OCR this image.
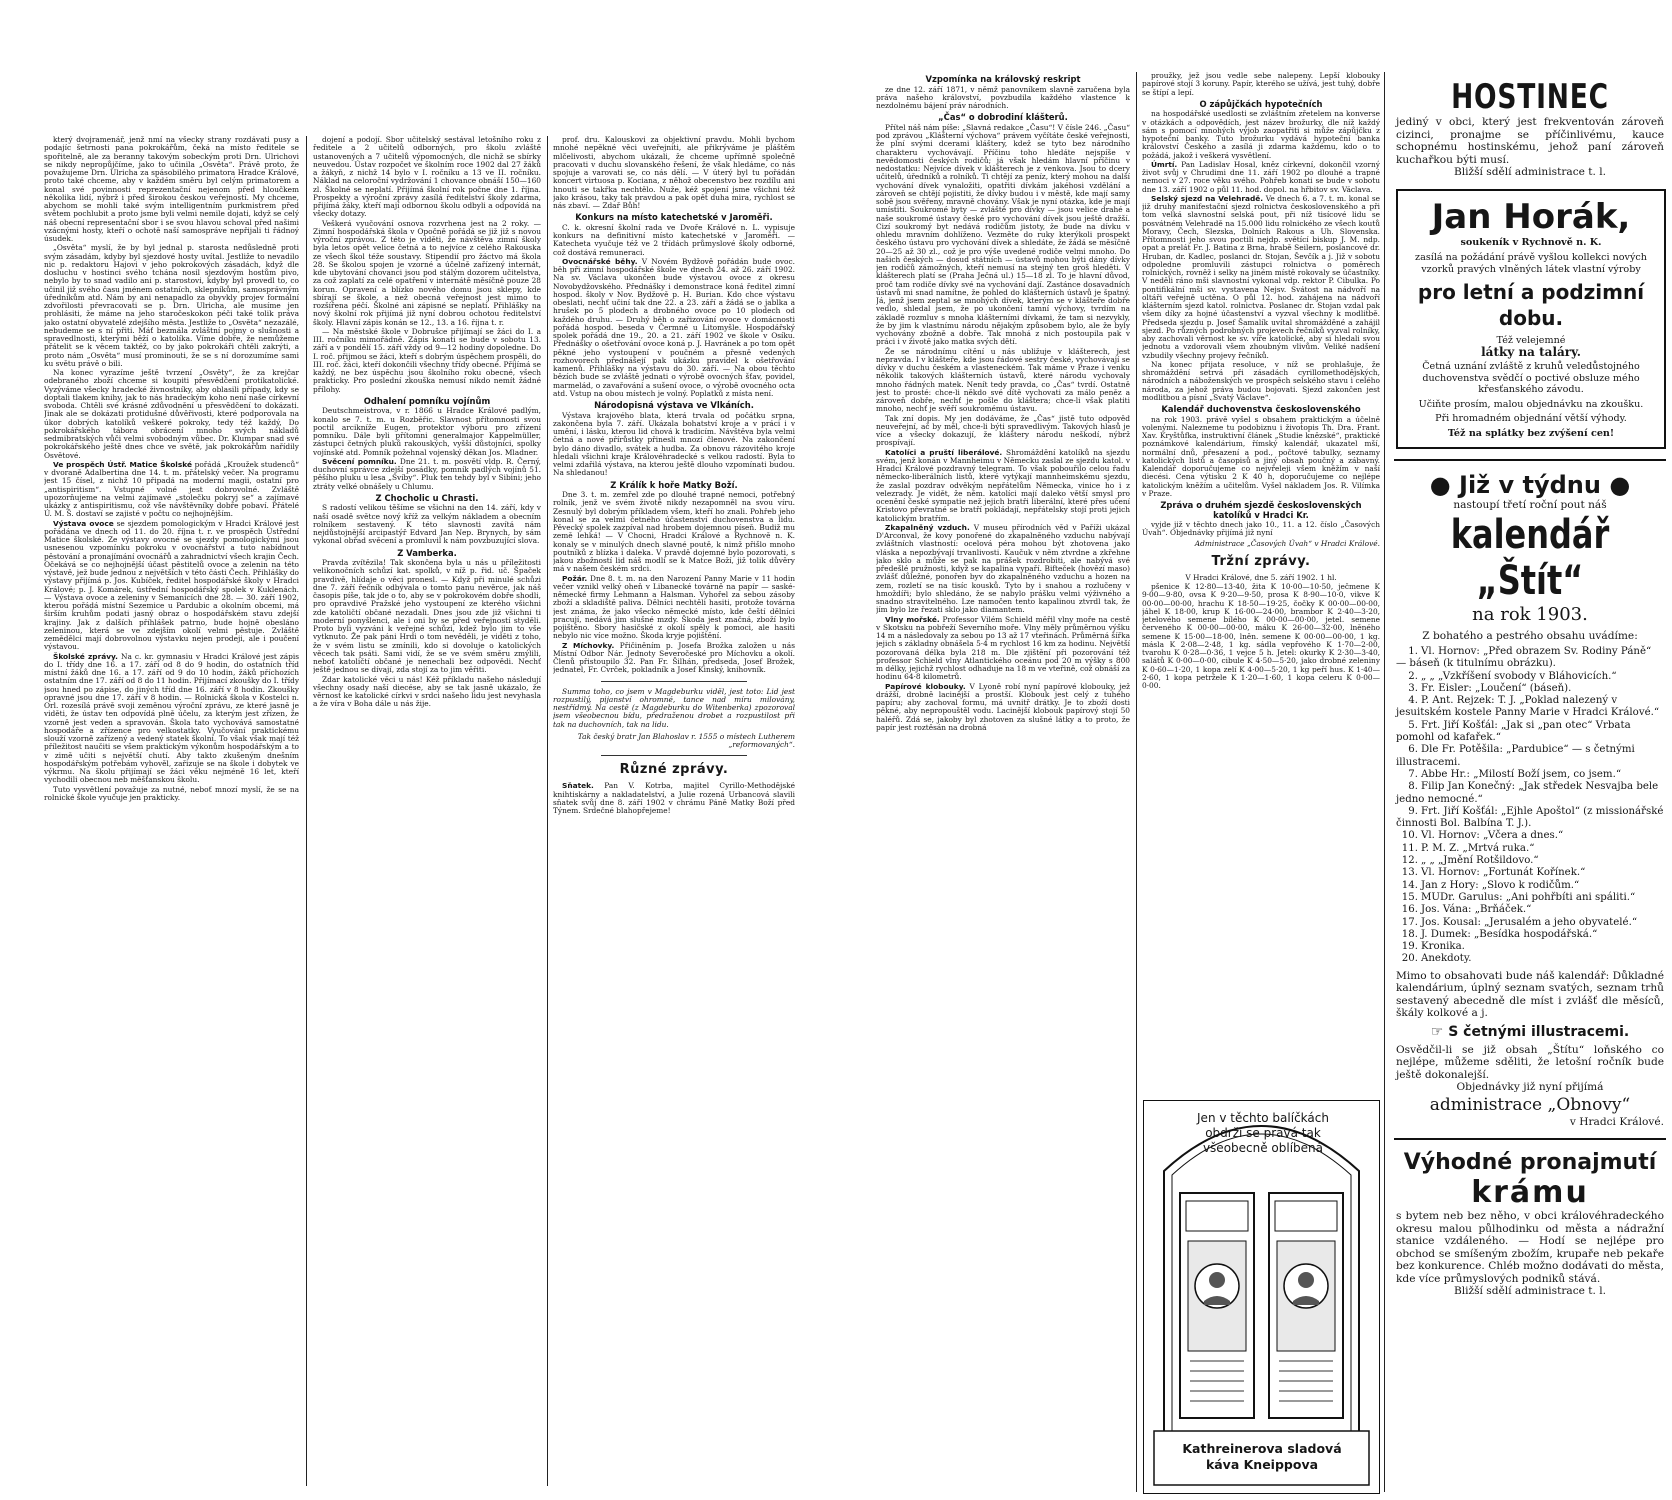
který dvojramenář, jenž nmí na všecky strany rozdávati pusy a podajíc šetrnosti pana pokrokářům, čeká na místo ředitele se spořitelně, ale za beranny takovým sobeckým proti Drn. Ulrichovi se nikdy nepropůjčíme, jako to učinila „Osvěta“. Právě proto, že považujeme Drn. Ulricha za spásobilého primatora Hradce Králové, proto také chceme, aby v každém směru byl celým primatorem a konal své povinnosti reprezentační nejenom před hloučkem několika lidí, nýbrž i před širokou českou veřejností. My chceme, abychom se mohli také svým intelligentním purkmistrem před světem pochlubit a proto jsme byli velmi nemile dojati, když se celý náš obecní representační sbor i se svou hlavou schoval před našimi vzácnými hosty, kteří o ochotě naší samospráve nepřijali ti řádnoý úsudek.

„Osvěta“ myslí, že by byl jednal p. starosta nedůsledně proti svým zásadám, kdyby byl sjezdové hosty uvítal. Jestliže to nevadilo nic p. redaktoru Hajovi v jeho pokrokových zásadách, když dle dosluchu v hostinci svého tchána nosil sjezdovým hostům pivo, nebylo by to snad vadilo ani p. starostovi, kdyby byl provedl to, co učinil již svého času jménem ostatních, sklepníkům, samosprávným úředníkům atd. Nám by ani nenapadlo za obyvkly projev formální zdvořilosti převracovati se p. Drn. Ulricha, ale musíme jen prohlásiti, že máme na jeho staročeskokon péči také tolik práva jako ostatní obyvatelé zdejšího města. Jestliže to „Osvěta“ nezazálé, nebudeme se s ní přiti. Máť bezmála zvláštní pojmy o slušnosti a spravedlnosti, kterými běží o katolíka. Víme dobře, že nemůžeme přátelit se k věcem taktéž, co by jako pokrokáři chtěli zakrýti, a proto nám „Osvěta“ musí prominouti, že se s ní dorozumíme sami ku světu právě o bili.

Na konec vyrazíme ještě tvrzení „Osvěty“, že za krejčar odebraného zboží chceme si koupiti přesvědčení protikatolické. Vyzýváme všecky hradecké živnostníky, aby oblasili případy, kdy se doptali tlakem knihy, jak to nás hradeckým koho není naše církevní svoboda. Chtěli své krásné zdůvodnění u přesvědčení to dokázati. Jinak ale se dokázati protidušné důvěřivosti, které podporovala na úkor dobrých katolíků veškeré pokroky, tedy též každý, Do pokrokářského tábora obrácení mnoho svých nákladů sedmibratských vůči velmi svobodným vůbec. Dr. Klumpar snad své pokrokářského ještě dnes chce ve světě, jak pokrokářům nařídily Osvětové.

Ve prospěch Ústř. Matice Školské pořádá „Kroužek studenců“ v dvoraně Adalbertina dne 14. t. m. přátelský večer. Na programu jest 15 čísel, z nichž 10 připadá na moderní magii, ostatní pro „antispiritism“. Vstupné volné jest dobrovolné. Zvláště upozorňujeme na velmi zajímavé „stolečku pokryj se“ a zajímavé ukázky z antispiritismu, což vše návštěvníky dobře pobaví. Přátelé Ú. M. Š. dostaví se zajisté v počtu co nejhojnějším.

Výstava ovoce se sjezdem pomologickým v Hradci Králové jest pořádána ve dnech od 11. do 20. října t. r. ve prospěch Ústřední Matice školské. Ze výstavy ovocné se sjezdy pomologickými jsou usnesenou vzpomínku pokroku v ovocnářství a tuto nabídnout pěstování a pronajímání ovocnářů a zahradnictví všech krajin Čech. Očekává se co nejhojnější účast pěstitelů ovoce a zelenin na této výstavě, jež bude jednou z největších v této části Čech. Přihlášky do výstavy přijímá p. Jos. Kubíček, ředitel hospodářské školy v Hradci Králové; p. J. Komárek, ústřední hospodářský spolek v Kuklenách. — Výstava ovoce a zeleniny v Semanicích dne 28. — 30. září 1902, kterou pořádá místní Sezemice u Pardubic a okolním obcemi, má širším kruhům podati jasný obraz o hospodářském stavu zdejší krajiny. Jak z dalších příhlášek patrno, bude hojně obesláno zeleninou, která se ve zdejším okolí velmi pěstuje. Zvláště zemědělci mají dobrovolnou výstavku nejen prodeji, ale i poučení výstavou.

Školské zprávy. Na c. kr. gymnasiu v Hradci Králové jest zápis do I. třídy dne 16. a 17. září od 8 do 9 hodin, do ostatních tříd místní žáků dne 16. a 17. září od 9 do 10 hodin, žáků příchozích ostatním dne 17. září od 8 do 11 hodin. Přijímací zkoušky do I. třídy jsou hned po zápise, do jiných tříd dne 16. září v 8 hodin. Zkoušky opravné jsou dne 17. září v 8 hodin. — Rolnická škola v Kostelci n. Orl. rozesílá právě svoji zeměnou výroční zprávu, ze které jasně je viděti, že ústav ten odpovídá plně účelu, za kterým jest zřízen, že vzorně jest veden a spravován. Škola tato vychovává samostatné hospodáře a zřízence pro velkostatky. Vyučování praktickému slouží vzorně zařízený a vedený statek školní. To však však mají též příležitost naučiti se všem praktickým výkonům hospodářským a to v zimě učiti s největší chutí. Aby takto zkušeným dnešním hospodářským potřebám vyhověl, zařizuje se na škole i dobytek ve výkrmu. Na školu přijímají se žáci věku nejméně 16 let, kteří vychodili obecnou neb měšťanskou školu.

Tuto vysvětlení považuje za nutné, neboť mnozí myslí, že se na rolnické škole vyučuje jen prakticky.

dojení a podojí. Sbor učitelský sestával letošního roku z ředitele a 2 učitelů odborných, pro školu zvláště ustanovených a 7 učitelů výpomocných, dle nichž se sbírky neuvedou. Ústav rozpočet ve školním roce 1902 dal 27 žáků a žákyň, z nichž 14 bylo v I. ročníku a 13 ve II. ročníku. Náklad na celoroční vydržování 1 chovance obnáší 150—160 zl. Školné se neplatí. Přijímá školní rok počne dne 1. října. Prospekty a výroční zprávy zasílá ředitelství školy zdarma, přijímá žáky, kteří mají odbornou školu odbyli a odpovídá na všecky dotazy.

Veškerá vyučování osnova rozvrhena jest na 2 roky. — Zimní hospodářská škola v Opočně pořádá se již již s novou výroční zprávou. Z této je viděti, že návštěva zimní školy byla letos opět velice četná a to nejvíce z celého Rakouska ze všech škol téže soustavy. Stipendií pro žáctvo má škola 28. Se školou spojen je vzorné a účelně zařízený internát, kde ubytování chovanci jsou pod stálým dozorem učitelstva, za což zaplatí za celé opatření v internátě měsíčně pouze 28 korun. Opravení a blízko nového domu jsou sklepy, kde sbírají se škole, a než obecná veřejnost jest mimo to rozšířena péčí. Školné ani zápisné se neplatí. Přihlášky na nový školní rok přijímá již nyní dobrou ochotou ředitelství školy. Hlavní zápis konán se 12., 13. a 16. října t. r.

— Na městské škole v Dobrušce přijímají se žáci do I. a III. ročníku mimořádně. Zápis konati se bude v sobotu 13. září a v pondělí 15. září vždy od 9—12 hodiny dopoledne. Do I. roč. přijmou se žáci, kteří s dobrým úspěchem prospěli, do III. roč. žáci, kteří dokončili všechny třídy obecné. Přijímá se každý, ne bez úspěchu jsou školního roku obecné, všech prakticky. Pro poslední zkouška nemusí nikdo nemít žádné přílohy.

Odhalení pomníku vojínům

Deutschmeistrova, v r. 1866 u Hradce Králové padlým, konalo se 7. t. m. u Rozběřic. Slavnost přítomnosti svou poctil arcikníže Eugen, protektor výboru pro zřízení pomníku. Dále byli přítomni generalmajor Kappelmüller, zástupci četných pluků rakouských, vyšší důstojníci, spolky vojínské atd. Pomník požehnal vojenský děkan Jos. Mladner.

Svěcení pomníku. Dne 21. t. m. posvětí vldp. R. Černý, duchovní správce zdejší posádky, pomník padlých vojínů 51. pěšího pluku u lesa „Svíby“. Pluk ten tehdy byl v Sibini; jeho ztráty velké obnášely u Chlumu.

Z Chocholic u Chrasti.

S radostí velikou těšíme se všichni na den 14. září, kdy v naší osadě světce nový kříž za velkým nákladem a obecním rolníkem sestavený. K této slavnosti zavítá nám nejdůstojnější arcipastýř Edvard Jan Nep. Brynych, by sám vykonal obřad svěcení a promluvil k nám povzbuzující slova.

Z Vamberka.

Pravda zvítězila! Tak skončena byla u nás u příležitosti velikonočních schůzí kat. spolků, v níž p. řid. uč. Špaček pravdivě, hlídaje o věci pronesl. — Když při minulé schůzi dne 7. září řečník odbývala o tomto panu nevěrce, jak náš časopis píše, tak jde o to, aby se v pokrokovém dobře shodli, pro opravdivé Pražské jeho vystoupení ze kterého všichni zde katoličtí občané nezadali. Dnes jsou zde již všichni ti moderní ponyšlenci, ale i oni by se před veřejností styděli. Proto byli vyzváni k veřejné schůzi, kdež bylo jim to vše vytknuto. Že pak páni Hrdi o tom nevěděli, je viděti z toho, že v svém listu se zmínili, kdo si dovoluje o katolických věcech tak psáti. Sami vidí, že se ve svém směru zmýlili, neboť katoličtí občané je nenechali bez odpovědi. Nechť ještě jednou se dívají, zda stojí za to jim věřiti.

Zdar katolické věci u nás! Kéž příkladu našeho následují všechny osady naší diecése, aby se tak jasně ukázalo, že věrnost ke katolické církvi v srdci našeho lidu jest nevyhasla a že víra v Boha dále u nás žije.

prof. dru. Kalouskovi za objektivní pravdu. Mohli bychom mnohé nepěkné věci uveřejniti, ale přikrýváme je pláštěm mlčelivosti, abychom ukázali, že chceme upřímně společně pracovati v duchu slovanského řešení, že však hledáme, co nás spojuje a varovati se, co nás dělí. — V úterý byl tu pořádán koncert virtuosa p. Kociana, z něhož obecenstvo bez rozdílu ani hnouti se takřka nechtělo. Nuže, kéž spojení jsme všichni též jako krásou, taky tak pravdou a pak opět duha mira, rychlost se nás zbaví. — Zdař Bůh!

Konkurs na místo katechetské v Jaroměři.

C. k. okresní školní rada ve Dvoře Králové n. L. vypisuje konkurs na definitivní místo katechetské v Jaroměři. — Katecheta vyučuje též ve 2 třídách průmyslové školy odborné, což dostává remuneraci.

Ovocnářské běhy. V Novém Bydžově pořádán bude ovoc. běh při zimní hospodářské škole ve dnech 24. až 26. září 1902. Na sv. Václava ukončen bude výstavou ovoce z okresu Novobydžovského. Přednášky i demonstrace koná ředitel zimní hospod. školy v Nov. Bydžově p. H. Burian. Kdo chce výstavu obeslati, nechť učiní tak dne 22. a 23. září a žádá se o jablka a hrušek po 5 plodech a drobného ovoce po 10 plodech od každého druhu. — Druhý běh o zařizování ovoce v domácnosti pořádá hospod. beseda v Čermné u Litomyšle. Hospodářský spolek pořádá dne 19., 20. a 21. září 1902 ve škole v Osíku. Přednášky o ošetřování ovoce koná p. J. Havránek a po tom opět pěkné jeho vystoupení v poučném a přesně vedených rozhovorech přednášejí pak ukázku pravidel k ošetřování kamenů. Přihlášky na výstavu do 30. září. — Na obou těchto bězích bude se zvláště jednati o výrobě ovocných šťav, povidel, marmelád, o zavařování a sušení ovoce, o výrobě ovocného octa atd. Vstup na obou místech je volný. Poplatků z místa není.

Národopisná výstava ve Vlkáních.

Výstava krajového blata, která trvala od počátku srpna, zakončena byla 7. září. Ukázala bohatství kroje a v práci i v umění, i lásku, kterou lid chová k tradicím. Návštěva byla velmi četná a nové přírůstky přinesli mnozí členové. Na zakončení bylo dáno divadlo, svátek a hudba. Za obnovu rázovitého kroje hledali všichni kraje Královéhradecké s velkou radostí. Byla to velmi zdařilá výstava, na kterou ještě dlouho vzpomínati budou. Na shledanou!

Z Králík k hoře Matky Boží.

Dne 3. t. m. zemřel zde po dlouhé trapné nemoci, potřebný rolník, jenž ve svém životě nikdy nezapomněl na svou víru. Zesnulý byl dobrým příkladem všem, kteří ho znali. Pohřeb jeho konal se za velmi četného účastenství duchovenstva a lidu. Pěvecký spolek zazpíval nad hrobem dojemnou píseň. Budiž mu země lehká! — V Chocni, Hradci Králové a Rychnově n. K. konaly se v minulých dnech slavné poutě, k nimž přišlo mnoho poutníků z blízka i daleka. V pravdě dojemné bylo pozorovati, s jakou zbožností lid náš modlí se k Matce Boží, již tolik důvěry má v našem českém srdci.

Požár. Dne 8. t. m. na den Narození Panny Marie v 11 hodin večer vznikl velký oheň v Libanecké továrně na papír — saské-německé firmy Lehmann a Halsman. Vyhořel za sebou zásoby zboží a skladiště paliva. Dělníci nechtěli hasiti, protože továrna jest známa, že jako všecko německé místo, kde čeští dělníci pracují, nedává jim slušné mzdy. Škoda jest značná, zboží bylo pojištěno. Sbory hasičské z okolí spěly k pomoci, ale hasiti nebylo nic více možno. Škoda kryje pojištění.

Z Míchovky. Přičiněním p. Josefa Brožka založen u nás Místní Odbor Nár. Jednoty Severočeské pro Míchovku a okolí. Členů přistoupilo 32. Pan Fr. Šilhán, předseda, Josef Brožek, jednatel, Fr. Cvrček, pokladník a Josef Kinský, knihovník.

Summa toho, co jsem v Magdeburku viděl, jest toto: Lid jest rozpustilý, pijanství ohromné, tance nad míru milovány, nestřídmý. Na cestě (z Magdeburku do Witenberka) zpozoroval jsem všeobecnou bídu, předraženou drobet a rozpustilost při tak na duchovních, tak na lidu.
Tak český bratr Jan Blahoslav r. 1555 o místech Lutherem „reformovaných“.
Různé zprávy.

Sňatek. Pan V. Kotrba, majitel Cyrillo-Methodějské knihtiskárny a nakladatelství, a Julie rozená Urbancová slavili sňatek svůj dne 8. září 1902 v chrámu Páně Matky Boží před Týnem. Srdečné blahopřejeme!

Vzpomínka na královský reskript

ze dne 12. září 1871, v němž panovníkem slavně zaručena byla práva našeho království, povzbudila každého vlastence k nezdolnému bájení práv národních.

„Čas“ o dobrodiní klášterů.

Přítel náš nám píše: „Slavná redakce „Času“! V čísle 246. „Času“ pod zprávou „Klášterní výchova“ právem vyčítáte české veřejnosti, že plní svými dcerami kláštery, kdež se tyto bez národního charakteru vychovávají. Příčinu toho hledáte nejspíše v nevědomosti českých rodičů; já však hledám hlavní příčinu v nedostatku: Nejvíce dívek v klášterech je z venkova. Jsou to dcery učitelů, úředníků a rolníků. Ti chtějí za peníz, který mohou na další vychování dívek vynaložiti, opatřiti dívkám jakéhosi vzdělání a zároveň se chtějí pojistiti, že dívky budou i v městě, kde mají samy sobě jsou svěřeny, mravně chovány. Však je nyní otázka, kde je mají umístiti. Soukromé byty — zvláště pro dívky — jsou velice drahé a naše soukromé ústavy české pro vychování dívek jsou ještě dražší. Cizí soukromý byt nedává rodičům jistoty, že bude na dívku v ohledu mravním dohlíženo. Vezměte do ruky kterýkoli prospekt českého ústavu pro vychování dívek a shledáte, že žádá se měsíčně 20—25 až 30 zl., což je pro výše uvedené rodiče velmi mnoho. Do našich českých — dosud státních — ústavů mohou býti dány dívky jen rodičů zámožných, kteří nemusí na stejný ten groš hleděti. V klášterech platí se (Praha Ječná ul.) 15—18 zl. To je hlavní důvod, proč tam rodiče dívky své na vychování dají. Zastánce dosavadních ústavů mi snad namítne, že pohled do klášterních ústavů je špatný. Já, jenž jsem zeptal se mnohých dívek, kterým se v klášteře dobře vedlo, shledal jsem, že po ukončení tamní výchovy, tvrdím na základě rozmluv s mnoha klášterními dívkami, že tam si nezvykly, že by jim k vlastnímu národu nějakým způsobem bylo, ale že byly vychovány zbožně a dobře. Tak mnohá z nich postoupila pak v práci i v životě jako matka svých dětí.

Že se národnímu cítění u nás ubližuje v klášterech, jest nepravda. I v klášteře, kde jsou řádové sestry české, vychovávají se dívky v duchu českém a vlasteneckém. Tak máme v Praze i venku několik takových klášterních ústavů, které národu vychovaly mnoho řádných matek. Nenít tedy pravda, co „Čas“ tvrdí. Ostatně jest to prosté: chce-li někdo své dítě vychovati za málo peněz a zároveň dobře, nechť je pošle do kláštera; chce-li však platiti mnoho, nechť je svěří soukromému ústavu.

Tak zní dopis. My jen dodáváme, že „Čas“ jistě tuto odpověď neuveřejní, ač by měl, chce-li býti spravedlivým. Takových hlasů je více a všecky dokazují, že kláštery národu neškodí, nýbrž prospívají.

Katolíci a pruští liberálové. Shromáždění katolíků na sjezdu svém, jenž konán v Mannheimu v Německu zaslal ze sjezdu katol. v Hradci Králové pozdravný telegram. To však pobouřilo celou řadu německo-liberálních listů, které vytýkají mannheimskému sjezdu, že zaslal pozdrav odvěkým nepřátelům Německa, vinice ho i z velezrady. Je vidět, že něm. katolíci mají daleko větší smysl pro ocenění české sympatie než jejich bratři liberální, které přes učení Kristovo převratné se bratří pokládají, nepřátelsky stojí proti jejich katolickým bratřím.

Zkapalněný vzduch. V museu přírodních věd v Paříži ukázal D'Arconval, že kovy ponořené do zkapalněného vzduchu nabývají zvláštních vlastností: ocelová péra mohou být zhotovena jako vláska a nepozbývají trvanlivosti. Kaučuk v něm ztvrdne a zkřehne jako sklo a může se pak na prášek rozdrobiti, ale nabývá své předešlé pružnosti, když se kapalina vypaří. Bifteček (hovězí maso) zvlášť důležné, ponořen byv do zkapalněného vzduchu a hozen na zem, rozletí se na tisíc kousků. Tyto by i snahou a rozlučeny v hmoždíři; bylo shledáno, že se nabylo prášku velmi výživného a snadno stravitelného. Lze namočen tento kapalinou ztvrdl tak, že jím bylo lze řezati sklo jako diamantem.

Vlny mořské. Professor Vilém Schield měřil vlny moře na cestě v Skotsku na pobřeží Severního moře. Vlny měly průměrnou výšku 14 m a následovaly za sebou po 13 až 17 vteřinách. Průměrná šířka jejich s základny obnášela 5·4 m rychlost 16 km za hodinu. Největší pozorovaná délka byla 218 m. Dle zjištění při pozorování též professor Schield vlny Atlantického oceánu pod 20 m výšky s 800 m délky, jejichž rychlost odhaduje na 18 m ve vteřině, což obnáší za hodinu 64·8 kilometrů.

Papírové klobouky. V Lyoně robí nyní papírové klobouky, jež drážší, drobně lacinější a prostší. Klobouk jest celý z tuhého papíru; aby zachoval formu, má uvnitř drátky. Je to zboží dosti pěkné, aby nepropouštěl vodu. Lacinější klobouk papírový stojí 50 haléřů. Zdá se, jakoby byl zhotoven za slušné látky a to proto, že papír jest roztěsán na drobná

proužky, jež jsou vedle sebe nalepeny. Lepší klobouky papírové stojí 3 koruny. Papír, kterého se užívá, jest tuhý, dobře se štípí a lepí.

O zápůjčkách hypotečních

na hospodářské usedlosti se zvláštním zřetelem na konverse v otázkách a odpovědích, jest název brožurky, dle níž každý sám s pomocí mnohých výjob zaopatřiti si může zápůjčku z hypoteční banky. Tuto brožurku vydává hypoteční banka království Českého a zasílá ji zdarma každému, kdo o to požádá, jakož i veškerá vysvětlení.

Úmrtí. Pan Ladislav Hosal, kněz církevní, dokončil vzorný život svůj v Chrudimi dne 11. září 1902 po dlouhé a trapné nemoci v 27. roce věku svého. Pohřeb konati se bude v sobotu dne 13. září 1902 o půl 11. hod. dopol. na hřbitov sv. Václava.

Selský sjezd na Velehradě. Ve dnech 6. a 7. t. m. konal se již druhý manifestační sjezd rolnictva československého a při tom velká slavnostní selská pout, při níž tisícové lidu se posvátném Velehradě na 15.000 lidu rolnického ze všech koutů Moravy, Čech, Slezska, Dolních Rakous a Uh. Slovenska. Přítomnosti jeho svou poctili nejdp. světící biskup J. M. ndp. opat a prelát Fr. J. Batina z Brna, hrabě Seilern, poslancové dr. Hruban, dr. Kadlec, poslanci dr. Stojan, Ševčík a j. Již v sobotu odpoledne promluvili zástupci rolnictva o poměrech rolnických, rovněž i selky na jiném místě rokovaly se účastníky. V neděli ráno mši slavnostní vykonal vdp. rektor P. Cibulka. Po pontifikální mši sv. vystavena Nejsv. Svátost na nádvoří na oltáři veřejně uctěna. O půl 12. hod. zahájena na nádvoří klášterním sjezd katol. rolnictva. Poslanec dr. Stojan vzdal pak všem díky za hojné účastenství a vyzval všechny k modlitbě. Předseda sjezdu p. Josef Šamalík uvítal shromážděné a zahájil sjezd. Po různých podrobných projevech řečníků vyzval rolníky, aby zachovali věrnost ke sv. víře katolické, aby si hledali svou jednotu a vzdorovali všem zhoubným vlivům. Veliké nadšení vzbudily všechny projevy řečníků.

Na konec přijata resoluce, v níž se prohlašuje, že shromáždění setrvá při zásadách cyrillomethodějských, národních a náboženských ve prospěch selského stavu i celého národa, za jehož práva budou bojovati. Sjezd zakončen jest modlitbou a písní „Svatý Václave“.

Kalendář duchovenstva československého

na rok 1903. právě vyšel s obsahem praktickým a účelně volenými. Nalezneme tu podobiznu i životopis Th. Dra. Frant. Xav. Kryštůfka, instruktivní článek „Studie knězské“, praktické poznámkové kalendárium, římský kalendář, ukazatel mší, normální dnů, přesazení a pod., počtové tabulky, seznamy katolických listů a časopisů a jiný obsah poučný a zábavný. Kalendář doporučujeme co nejvřeleji všem kněžím v naší diecési. Cena výtisku 2 K 40 h, doporučujeme co nejlépe katolickým kněžím a učitelům. Vyšel nákladem Jos. R. Vilímka v Praze.

Zpráva o druhém sjezdě československých katolíků v Hradci Kr.

vyjde již v těchto dnech jako 10., 11. a 12. číslo „Časových Úvah“. Objednávky přijímá již nyní

Administrace „Časových Úvah“ v Hradci Králové.
Tržní zprávy.

V Hradci Králové, dne 5. září 1902. 1 hl.

pšenice K 12·80—13·40, žita K 10·00—10·50, ječmene K 9·00—9·80, ovsa K 9·20—9·50, prosa K 8·90—10·0, vikve K 00·00—00·00, hrachu K 18·50—19·25, čočky K 00·00—00·00, jáhel K 18·00, krup K 16·00—24·00, brambor K 2·40—3·20, jetelového semene bílého K 00·00—00·00, jetel. semene červeného K 00·00—00·00, máku K 26·00—32·00, lněného semene K 15·00—18·00, lněn. semene K 00·00—00·00, 1 kg. másla K 2·08—2·48, 1 kg. sádla vepřového K 1·70—2·00, tvarohu K 0·28—0·36, 1 vejce 5 h. Jetel: okurky K 2·30—3·40, salátů K 0·00—0·00, cibule K 4·50—5·20, jako drobné zeleniny K 0·60—1·20, 1 kopa zelí K 4·00—5·20, 1 kg peří hus. K 1·40—2·60, 1 kopa petržele K 1·20—1·60, 1 kopa celeru K 0·00—0·00.

Jen v těchto balíčkách obdrží se pravá tak všeobecně oblíbená
Kathreinerova sladová káva Kneippova
HOSTINEC
jediný v obci, který jest frekventován zároveň cizinci, pronajme se příčinlivému, kauce schopnému hostinskému, jehož paní zároveň kuchařkou býti musí.
Bližší sdělí administrace t. l.
Jan Horák,
soukeník v Rychnově n. K.
zasílá na požádání právě vyšlou kollekci nových vzorků pravých vlněných látek vlastní výroby
pro letní a podzimní dobu.
Též velejemné
látky na taláry.
Četná uznání zvláště z kruhů veledůstojného duchovenstva svědčí o poctivé obsluze mého křesťanského závodu.
Učiňte prosím, malou objednávku na zkoušku.
Při hromadném objednání větší výhody.
Též na splátky bez zvýšení cen!
● Již v týdnu ●
nastoupí třetí roční pout náš
kalendář „Štít“
na rok 1903.
Z bohatého a pestrého obsahu uvádíme:
1. Vl. Hornov: „Před obrazem Sv. Rodiny Páně“ — báseň (k titulnímu obrázku).
2. „ „ „Vzkříšení svobody v Bláhovicích.“
3. Fr. Eisler: „Loučení“ (báseň).
4. P. Ant. Rejzek: T. J. „Poklad nalezený v jesuitském kostele Panny Marie v Hradci Králové.“
5. Frt. Jiří Košťál: „Jak si „pan otec“ Vrbata pomohl od kafařek.“
6. Dle Fr. Potěšila: „Pardubice“ — s četnými illustracemi.
7. Abbe Hr.: „Milostí Boží jsem, co jsem.“
8. Filip Jan Konečný: „Jak středek Nesvajba bele jedno nemocné.“
9. Frt. Jiří Košťál: „Ejhle Apoštol“ (z missionářské činnosti Bol. Balbína T. J.).
10. Vl. Hornov: „Včera a dnes.“
11. P. M. Z. „Mrtvá ruka.“
12. „ „ „Jmění Rotšildovo.“
13. Vl. Hornov: „Fortunát Kořínek.“
14. Jan z Hory: „Slovo k rodičům.“
15. MUDr. Garulus: „Ani pohřbíti ani spáliti.“
16. Jos. Vána: „Brňáček.“
17. Jos. Kousal: „Jerusalém a jeho obyvatelé.“
18. J. Dumek: „Besídka hospodářská.“
19. Kronika.
20. Anekdoty.
Mimo to obsahovati bude náš kalendář: Důkladné kalendárium, úplný seznam svatých, seznam trhů sestavený abecedně dle míst i zvlášť dle měsíců, škály kolkové a j.
☞ S četnými illustracemi.
Osvědčil-li se již obsah „Štítu“ loňského co nejlépe, můžeme sděliti, že letošní ročník bude ještě dokonalejší.
Objednávky již nyní přijímá
administrace „Obnovy“
v Hradci Králové.
Výhodné pronajmutí
krámu
s bytem neb bez něho, v obci královéhradeckého okresu malou půlhodinku od města a nádražní stanice vzdáleného. — Hodí se nejlépe pro obchod se smíšeným zbožím, krupaře neb pekaře bez konkurence. Chléb možno dodávati do města, kde více průmyslových podniků stává.
Bližší sdělí administrace t. l.
